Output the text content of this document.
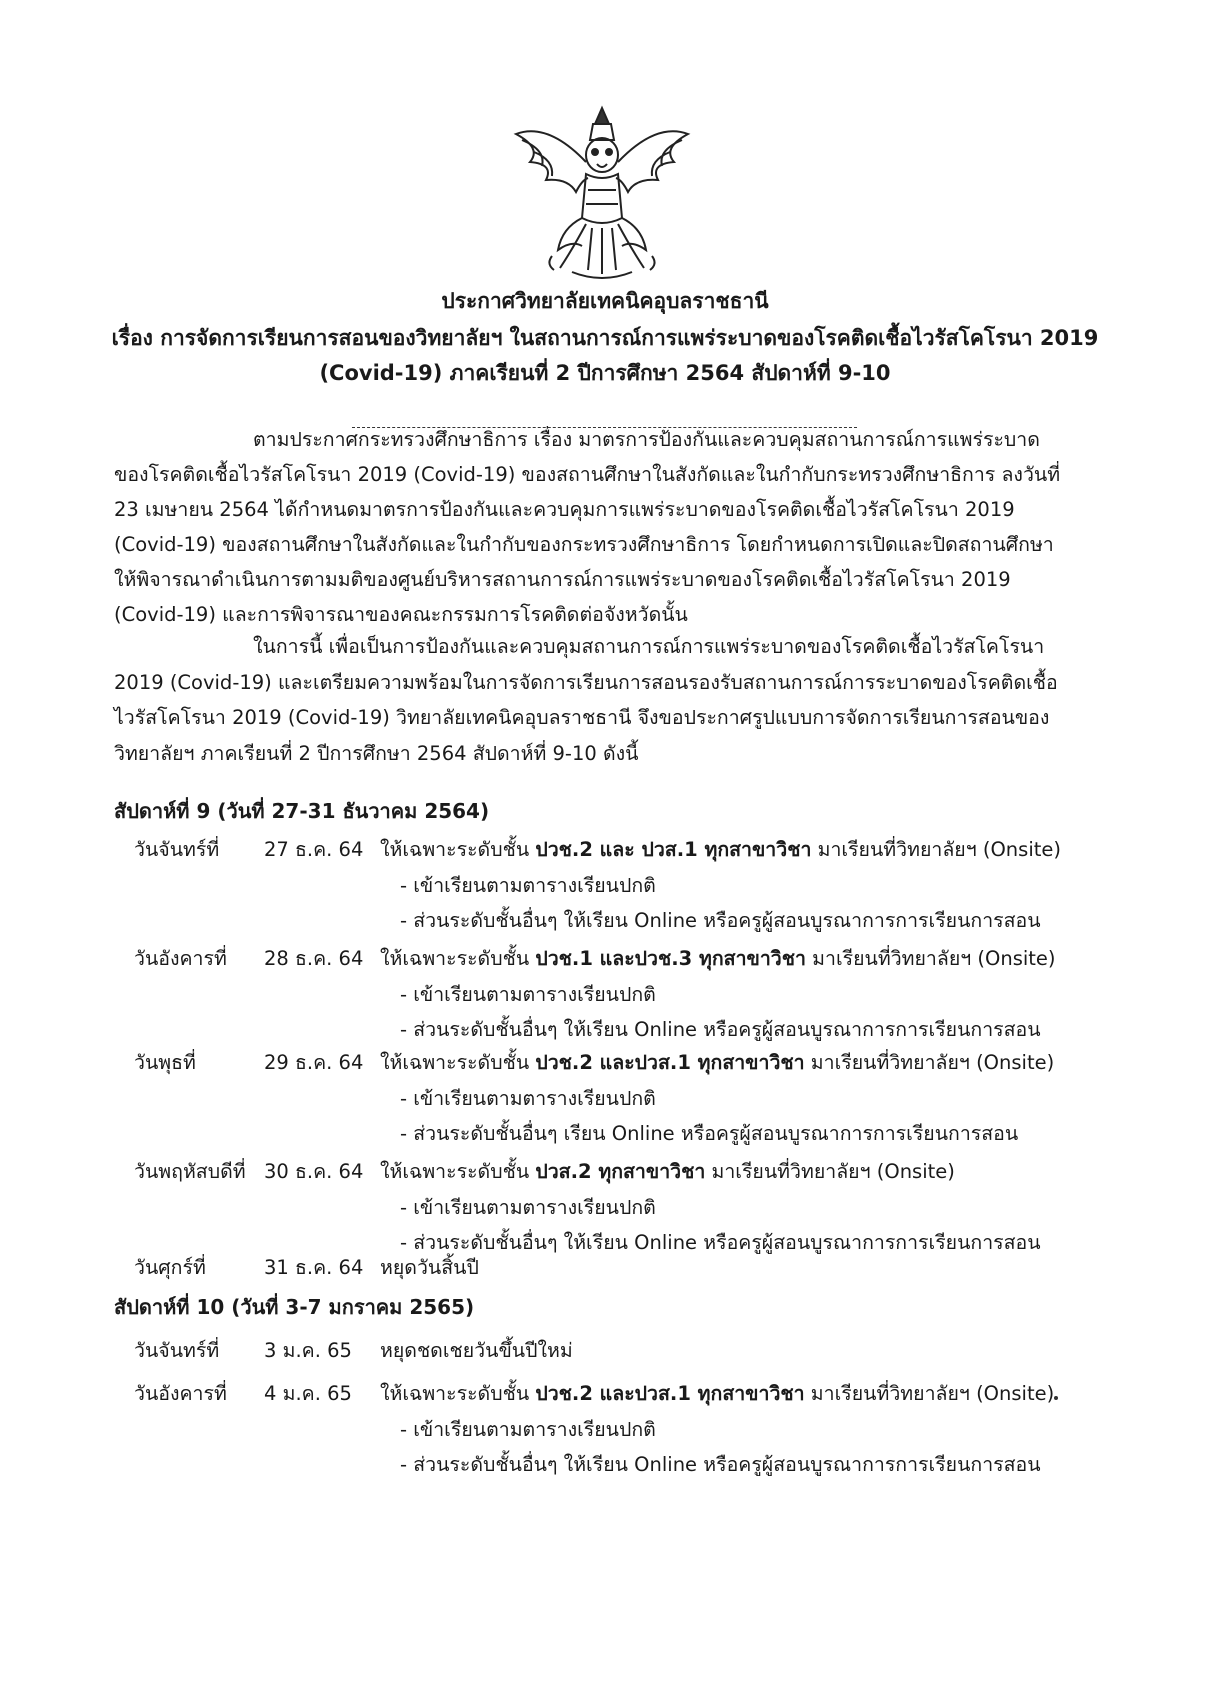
ประกาศวิทยาลัยเทคนิคอุบลราชธานี
เรื่อง การจัดการเรียนการสอนของวิทยาลัยฯ ในสถานการณ์การแพร่ระบาดของโรคติดเชื้อไวรัสโคโรนา 2019
(Covid-19) ภาคเรียนที่ 2 ปีการศึกษา 2564 สัปดาห์ที่ 9-10
ตามประกาศกระทรวงศึกษาธิการ เรื่อง มาตรการป้องกันและควบคุมสถานการณ์การแพร่ระบาด
ของโรคติดเชื้อไวรัสโคโรนา 2019 (Covid-19) ของสถานศึกษาในสังกัดและในกำกับกระทรวงศึกษาธิการ ลงวันที่
23 เมษายน 2564 ได้กำหนดมาตรการป้องกันและควบคุมการแพร่ระบาดของโรคติดเชื้อไวรัสโคโรนา 2019
(Covid-19) ของสถานศึกษาในสังกัดและในกำกับของกระทรวงศึกษาธิการ โดยกำหนดการเปิดและปิดสถานศึกษา
ให้พิจารณาดำเนินการตามมติของศูนย์บริหารสถานการณ์การแพร่ระบาดของโรคติดเชื้อไวรัสโคโรนา 2019
(Covid-19) และการพิจารณาของคณะกรรมการโรคติดต่อจังหวัดนั้น
ในการนี้ เพื่อเป็นการป้องกันและควบคุมสถานการณ์การแพร่ระบาดของโรคติดเชื้อไวรัสโคโรนา
2019 (Covid-19) และเตรียมความพร้อมในการจัดการเรียนการสอนรองรับสถานการณ์การระบาดของโรคติดเชื้อ
ไวรัสโคโรนา 2019 (Covid-19) วิทยาลัยเทคนิคอุบลราชธานี จึงขอประกาศรูปแบบการจัดการเรียนการสอนของ
วิทยาลัยฯ ภาคเรียนที่ 2 ปีการศึกษา 2564 สัปดาห์ที่ 9-10 ดังนี้
สัปดาห์ที่ 9 (วันที่ 27-31 ธันวาคม 2564)
วันจันทร์ที่ 27 ธ.ค. 64 ให้เฉพาะระดับชั้น ปวช.2 และ ปวส.1 ทุกสาขาวิชา มาเรียนที่วิทยาลัยฯ (Onsite)
- เข้าเรียนตามตารางเรียนปกติ
- ส่วนระดับชั้นอื่นๆ ให้เรียน Online หรือครูผู้สอนบูรณาการการเรียนการสอน
วันอังคารที่ 28 ธ.ค. 64 ให้เฉพาะระดับชั้น ปวช.1 และปวช.3 ทุกสาขาวิชา มาเรียนที่วิทยาลัยฯ (Onsite)
- เข้าเรียนตามตารางเรียนปกติ
- ส่วนระดับชั้นอื่นๆ ให้เรียน Online หรือครูผู้สอนบูรณาการการเรียนการสอน
วันพุธที่	29 ธ.ค. 64 ให้เฉพาะระดับชั้น ปวช.2 และปวส.1 ทุกสาขาวิชา มาเรียนที่วิทยาลัยฯ (Onsite)
- เข้าเรียนตามตารางเรียนปกติ
- ส่วนระดับชั้นอื่นๆ เรียน Online หรือครูผู้สอนบูรณาการการเรียนการสอน
วันพฤหัสบดีที่ 30 ธ.ค. 64 ให้เฉพาะระดับชั้น ปวส.2 ทุกสาขาวิชา มาเรียนที่วิทยาลัยฯ (Onsite)
- เข้าเรียนตามตารางเรียนปกติ
- ส่วนระดับชั้นอื่นๆ ให้เรียน Online หรือครูผู้สอนบูรณาการการเรียนการสอน
วันศุกร์ที่	31 ธ.ค. 64 หยุดวันสิ้นปี
สัปดาห์ที่ 10 (วันที่ 3-7 มกราคม 2565)
วันจันทร์ที่ 3 ม.ค. 65 หยุดชดเชยวันขึ้นปีใหม่
วันอังคารที่ 4 ม.ค. 65 ให้เฉพาะระดับชั้น ปวช.2 และปวส.1 ทุกสาขาวิชา มาเรียนที่วิทยาลัยฯ (Onsite)
- เข้าเรียนตามตารางเรียนปกติ
- ส่วนระดับชั้นอื่นๆ ให้เรียน Online หรือครูผู้สอนบูรณาการการเรียนการสอน
